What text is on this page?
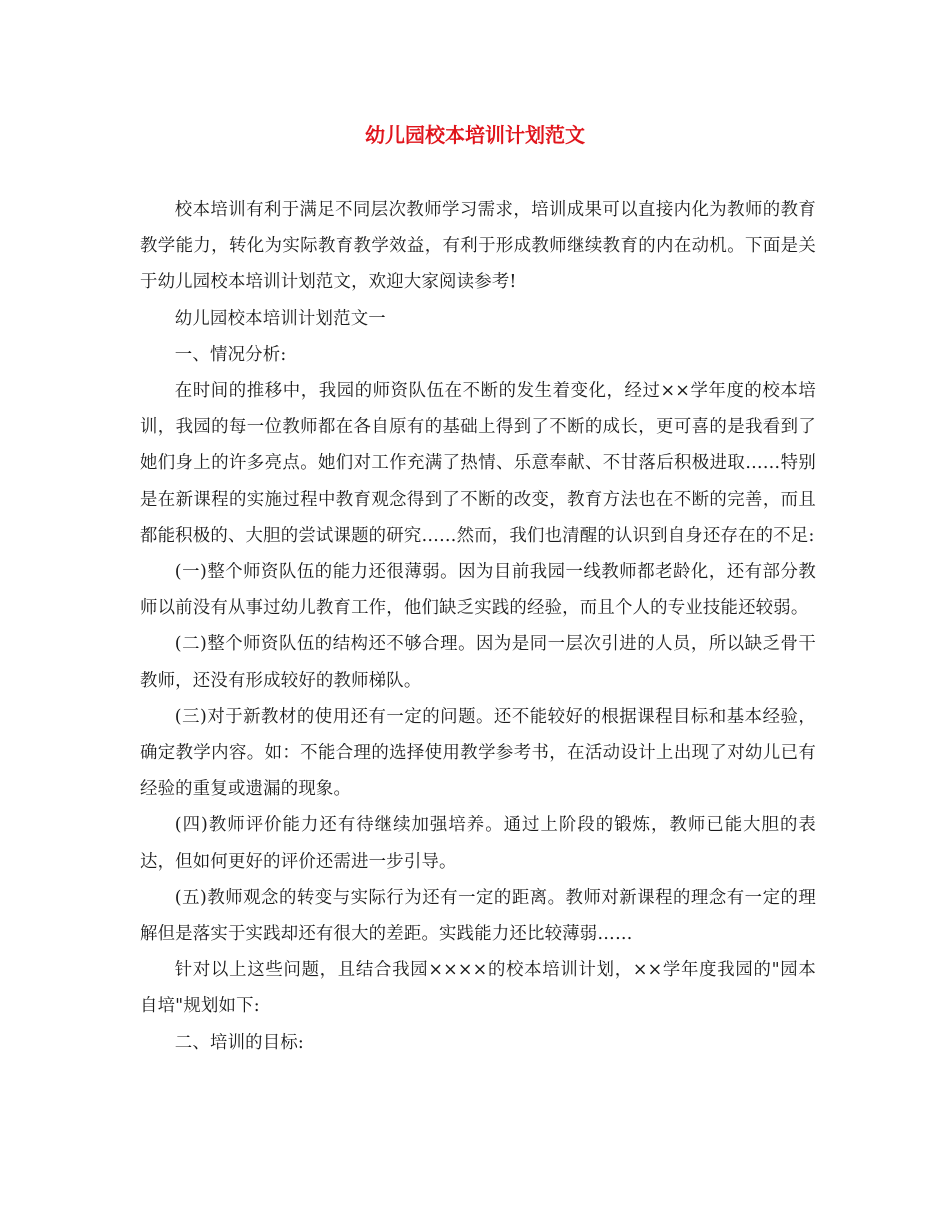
幼儿园校本培训计划范文

校本培训有利于满足不同层次教师学习需求，培训成果可以直接内化为教师的教育教学能力，转化为实际教育教学效益，有利于形成教师继续教育的内在动机。下面是关于幼儿园校本培训计划范文，欢迎大家阅读参考!

幼儿园校本培训计划范文一

一、情况分析:

在时间的推移中，我园的师资队伍在不断的发生着变化，经过××学年度的校本培训，我园的每一位教师都在各自原有的基础上得到了不断的成长，更可喜的是我看到了她们身上的许多亮点。她们对工作充满了热情、乐意奉献、不甘落后积极进取……特别是在新课程的实施过程中教育观念得到了不断的改变，教育方法也在不断的完善，而且都能积极的、大胆的尝试课题的研究……然而，我们也清醒的认识到自身还存在的不足:

(一)整个师资队伍的能力还很薄弱。因为目前我园一线教师都老龄化，还有部分教师以前没有从事过幼儿教育工作，他们缺乏实践的经验，而且个人的专业技能还较弱。

(二)整个师资队伍的结构还不够合理。因为是同一层次引进的人员，所以缺乏骨干教师，还没有形成较好的教师梯队。

(三)对于新教材的使用还有一定的问题。还不能较好的根据课程目标和基本经验，确定教学内容。如：不能合理的选择使用教学参考书，在活动设计上出现了对幼儿已有经验的重复或遗漏的现象。

(四)教师评价能力还有待继续加强培养。通过上阶段的锻炼，教师已能大胆的表达，但如何更好的评价还需进一步引导。

(五)教师观念的转变与实际行为还有一定的距离。教师对新课程的理念有一定的理解但是落实于实践却还有很大的差距。实践能力还比较薄弱……

针对以上这些问题，且结合我园××××的校本培训计划，××学年度我园的"园本自培"规划如下:

二、培训的目标:
